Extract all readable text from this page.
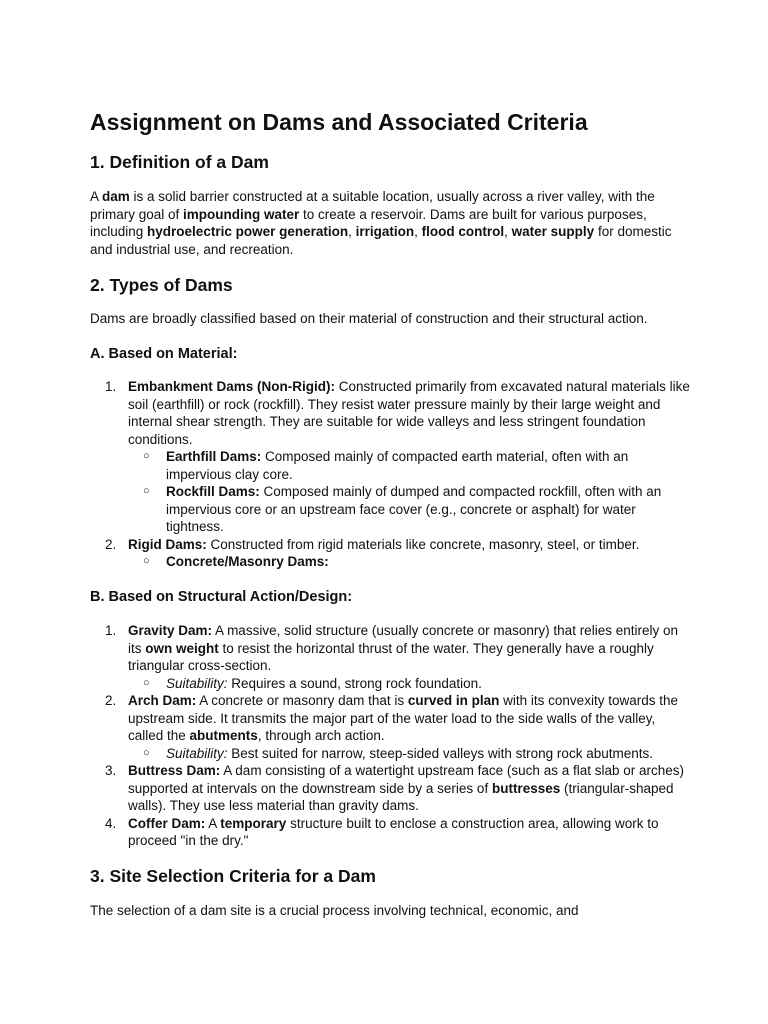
Assignment on Dams and Associated Criteria
1. Definition of a Dam

A dam is a solid barrier constructed at a suitable location, usually across a river valley, with the primary goal of impounding water to create a reservoir. Dams are built for various purposes, including hydroelectric power generation, irrigation, flood control, water supply for domestic and industrial use, and recreation.

2. Types of Dams

Dams are broadly classified based on their material of construction and their structural action.

A. Based on Material:
1. Embankment Dams (Non-Rigid): Constructed primarily from excavated natural materials like soil (earthfill) or rock (rockfill). They resist water pressure mainly by their large weight and internal shear strength. They are suitable for wide valleys and less stringent foundation conditions.
○ Earthfill Dams: Composed mainly of compacted earth material, often with an impervious clay core.
○ Rockfill Dams: Composed mainly of dumped and compacted rockfill, often with an impervious core or an upstream face cover (e.g., concrete or asphalt) for water tightness.
2. Rigid Dams: Constructed from rigid materials like concrete, masonry, steel, or timber.
○ Concrete/Masonry Dams:
B. Based on Structural Action/Design:
1. Gravity Dam: A massive, solid structure (usually concrete or masonry) that relies entirely on its own weight to resist the horizontal thrust of the water. They generally have a roughly triangular cross-section.
○ Suitability: Requires a sound, strong rock foundation.
2. Arch Dam: A concrete or masonry dam that is curved in plan with its convexity towards the upstream side. It transmits the major part of the water load to the side walls of the valley, called the abutments, through arch action.
○ Suitability: Best suited for narrow, steep-sided valleys with strong rock abutments.
3. Buttress Dam: A dam consisting of a watertight upstream face (such as a flat slab or arches) supported at intervals on the downstream side by a series of buttresses (triangular-shaped walls). They use less material than gravity dams.
4. Coffer Dam: A temporary structure built to enclose a construction area, allowing work to proceed "in the dry."
3. Site Selection Criteria for a Dam

The selection of a dam site is a crucial process involving technical, economic, and
